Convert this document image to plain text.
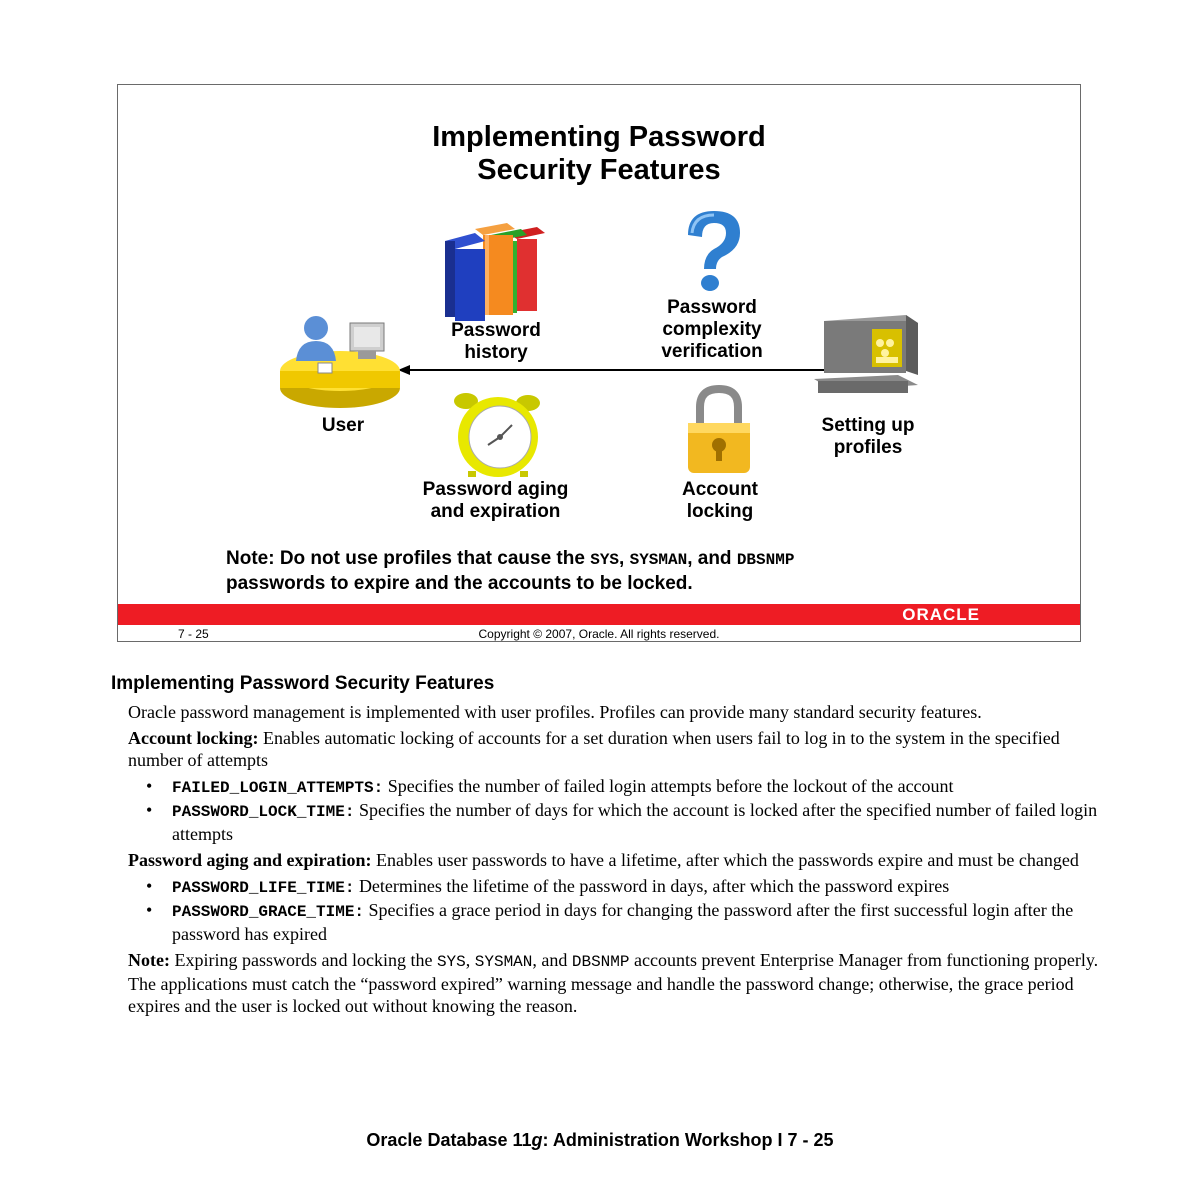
Implementing Password
Security Features
User
Password
history
Password
complexity
verification
Setting up
profiles
Password aging
and expiration
Account
locking
Note: Do not use profiles that cause the SYS, SYSMAN, and DBSNMP
passwords to expire and the accounts to be locked.
ORACLE
7 - 25	Copyright © 2007, Oracle. All rights reserved.
Implementing Password Security Features

Oracle password management is implemented with user profiles. Profiles can provide many standard security features.

Account locking: Enables automatic locking of accounts for a set duration when users fail to log in to the system in the specified number of attempts

• FAILED_LOGIN_ATTEMPTS: Specifies the number of failed login attempts before the lockout of the account
• PASSWORD_LOCK_TIME: Specifies the number of days for which the account is locked after the specified number of failed login attempts

Password aging and expiration: Enables user passwords to have a lifetime, after which the passwords expire and must be changed

• PASSWORD_LIFE_TIME: Determines the lifetime of the password in days, after which the password expires
• PASSWORD_GRACE_TIME: Specifies a grace period in days for changing the password after the first successful login after the password has expired

Note: Expiring passwords and locking the SYS, SYSMAN, and DBSNMP accounts prevent Enterprise Manager from functioning properly. The applications must catch the “password expired” warning message and handle the password change; otherwise, the grace period expires and the user is locked out without knowing the reason.

Oracle Database 11g: Administration Workshop I 7 - 25
